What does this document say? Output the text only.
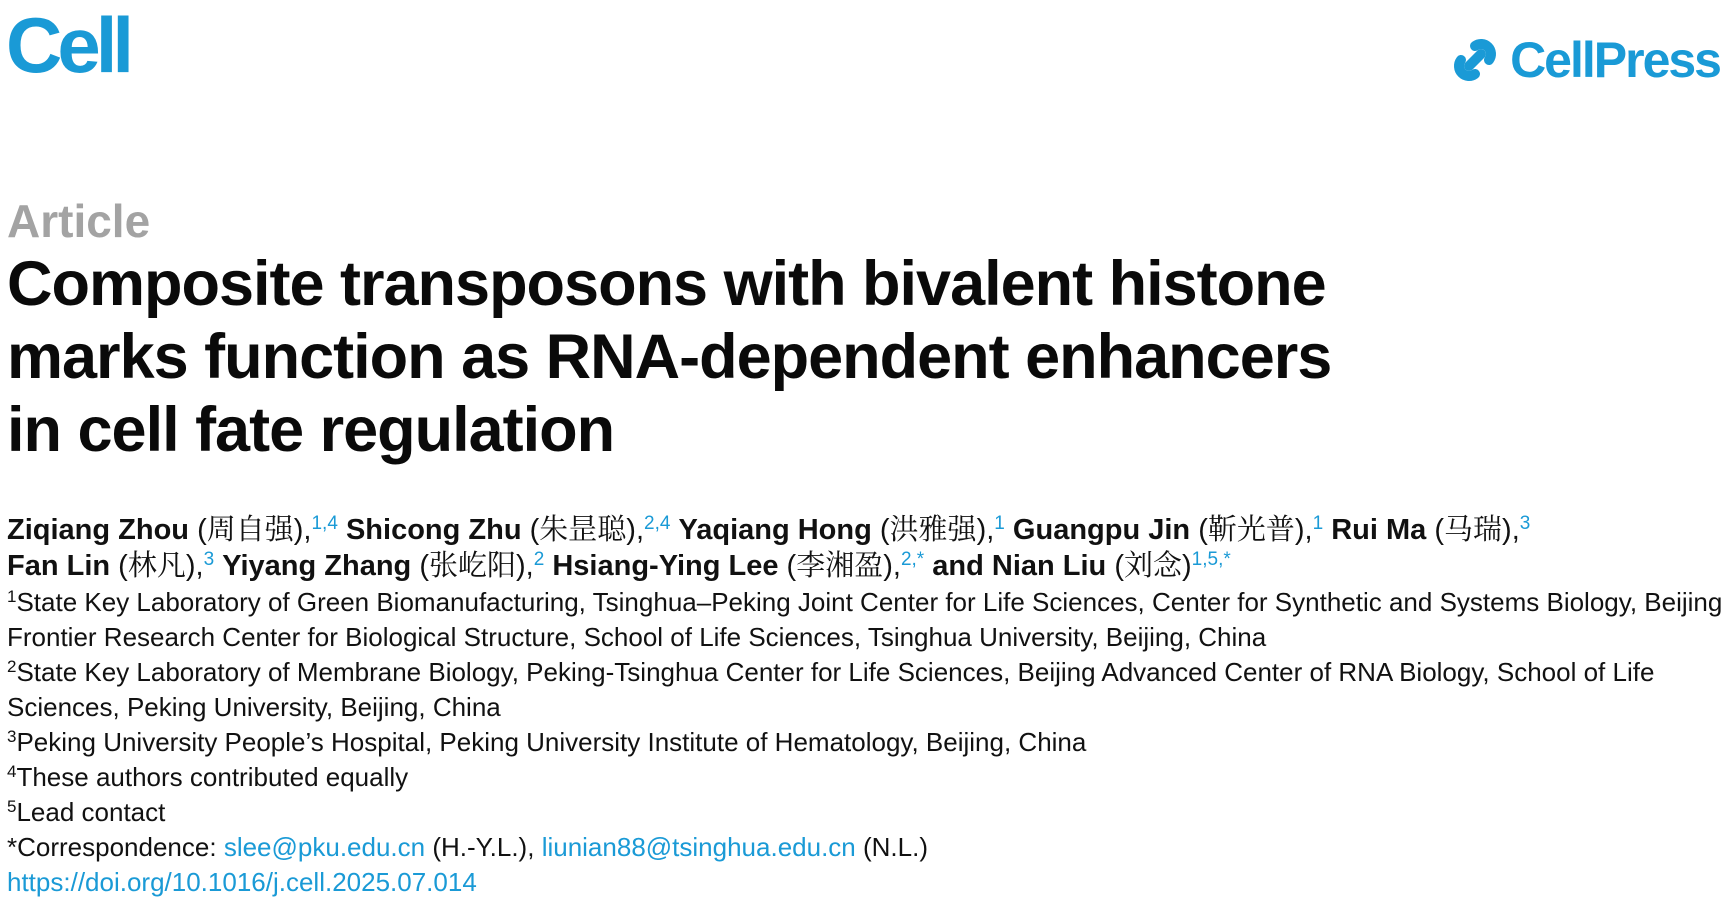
Cell	CellPress
Article
Composite transposons with bivalent histone
marks function as RNA-dependent enhancers
in cell fate regulation
Ziqiang Zhou (周自强),$^{1,4}$ Shicong Zhu (朱昰聪),$^{2,4}$ Yaqiang Hong (洪雅强),$^1$ Guangpu Jin (靳光普),$^1$ Rui Ma (马瑞),$^3$
Fan Lin (林凡),$^3$ Yiyang Zhang (张屹阳),$^2$ Hsiang-Ying Lee (李湘盈),$^{2,*}$ and Nian Liu (刘念)$^{1,5,*}$

$^1$State Key Laboratory of Green Biomanufacturing, Tsinghua–Peking Joint Center for Life Sciences, Center for Synthetic and Systems Biology, Beijing Frontier Research Center for Biological Structure, School of Life Sciences, Tsinghua University, Beijing, China

$^2$State Key Laboratory of Membrane Biology, Peking-Tsinghua Center for Life Sciences, Beijing Advanced Center of RNA Biology, School of Life Sciences, Peking University, Beijing, China

$^3$Peking University People’s Hospital, Peking University Institute of Hematology, Beijing, China

$^4$These authors contributed equally

$^5$Lead contact

*Correspondence: slee@pku.edu.cn (H.-Y.L.), liunian88@tsinghua.edu.cn (N.L.)

https://doi.org/10.1016/j.cell.2025.07.014
